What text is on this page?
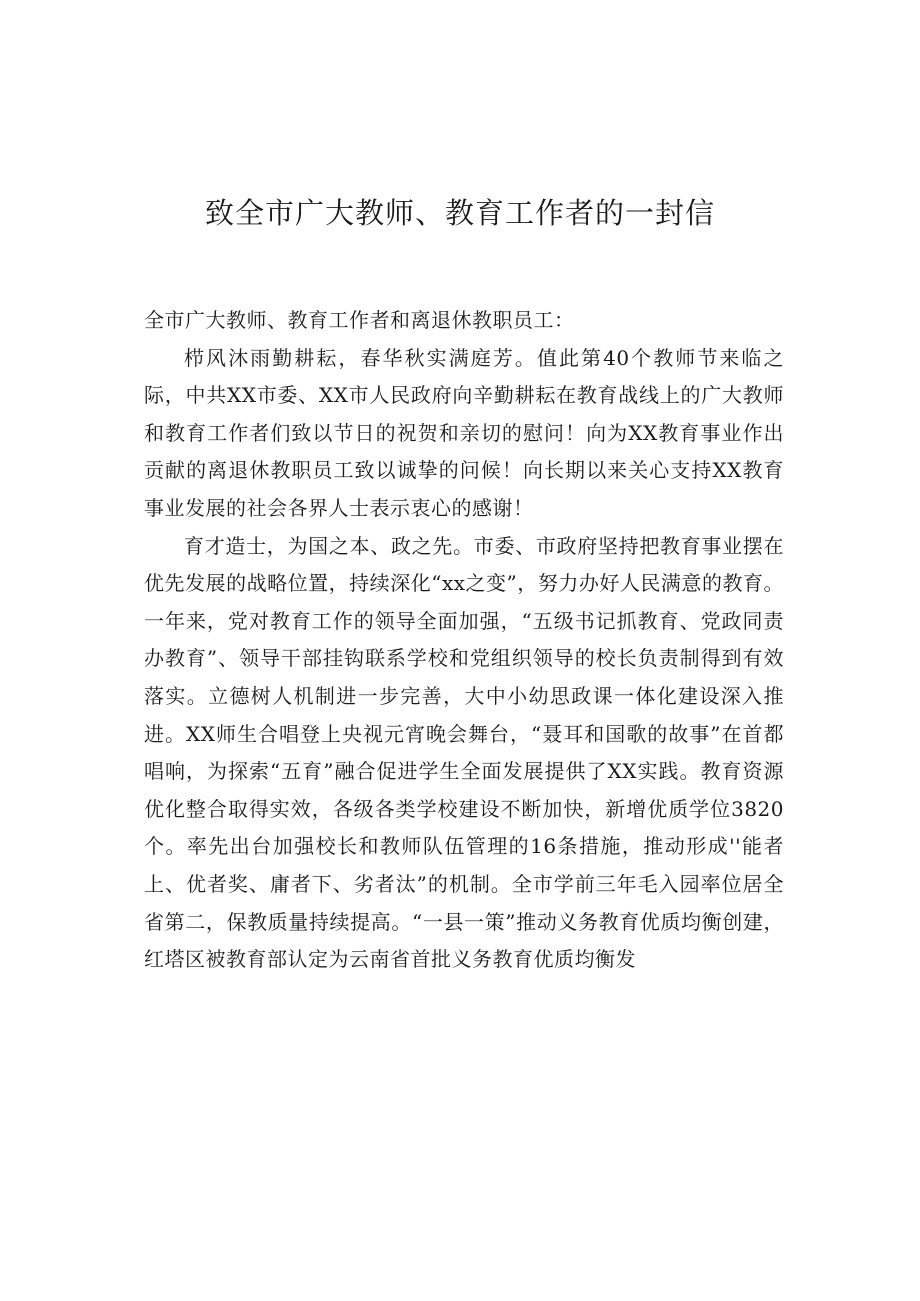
致全市广大教师、教育工作者的一封信

全市广大教师、教育工作者和离退休教职员工：

栉风沐雨勤耕耘，春华秋实满庭芳。值此第40个教师节来临之际，中共XX市委、XX市人民政府向辛勤耕耘在教育战线上的广大教师和教育工作者们致以节日的祝贺和亲切的慰问！向为XX教育事业作出贡献的离退休教职员工致以诚挚的问候！向长期以来关心支持XX教育事业发展的社会各界人士表示衷心的感谢！

育才造士，为国之本、政之先。市委、市政府坚持把教育事业摆在优先发展的战略位置，持续深化“xx之变”，努力办好人民满意的教育。一年来，党对教育工作的领导全面加强，“五级书记抓教育、党政同责办教育”、领导干部挂钩联系学校和党组织领导的校长负责制得到有效落实。立德树人机制进一步完善，大中小幼思政课一体化建设深入推进。XX师生合唱登上央视元宵晚会舞台，“聂耳和国歌的故事”在首都唱响，为探索“五育”融合促进学生全面发展提供了XX实践。教育资源优化整合取得实效，各级各类学校建设不断加快，新增优质学位3820个。率先出台加强校长和教师队伍管理的16条措施，推动形成''能者上、优者奖、庸者下、劣者汰”的机制。全市学前三年毛入园率位居全省第二，保教质量持续提高。“一县一策”推动义务教育优质均衡创建，红塔区被教育部认定为云南省首批义务教育优质均衡发
